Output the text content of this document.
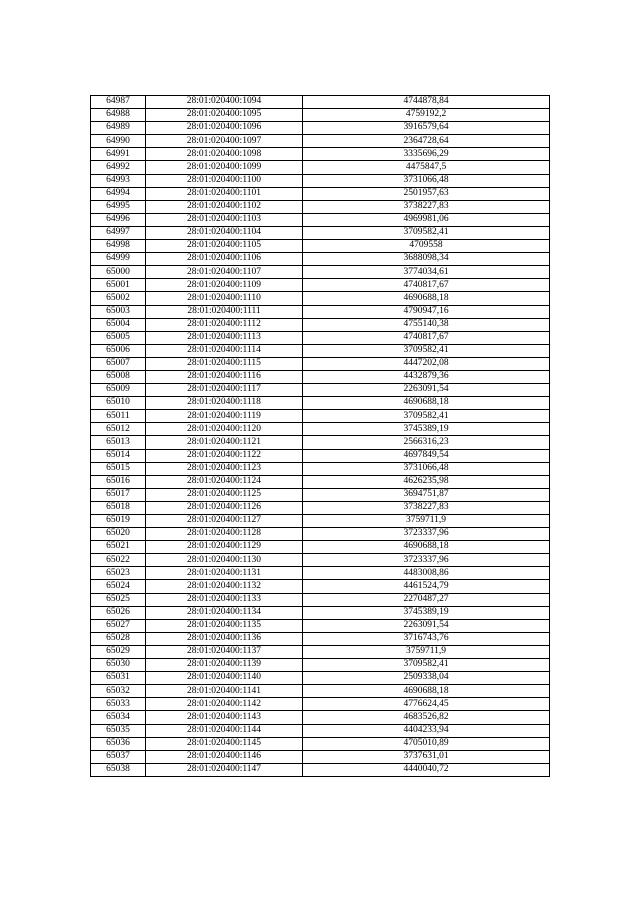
64987	28:01:020400:1094	4744878,84
64988	28:01:020400:1095	4759192,2
64989	28:01:020400:1096	3916579,64
64990	28:01:020400:1097	2364728,64
64991	28:01:020400:1098	3335696,29
64992	28:01:020400:1099	4475847,5
64993	28:01:020400:1100	3731066,48
64994	28:01:020400:1101	2501957,63
64995	28:01:020400:1102	3738227,83
64996	28:01:020400:1103	4969981,06
64997	28:01:020400:1104	3709582,41
64998	28:01:020400:1105	4709558
64999	28:01:020400:1106	3688098,34
65000	28:01:020400:1107	3774034,61
65001	28:01:020400:1109	4740817,67
65002	28:01:020400:1110	4690688,18
65003	28:01:020400:1111	4790947,16
65004	28:01:020400:1112	4755140,38
65005	28:01:020400:1113	4740817,67
65006	28:01:020400:1114	3709582,41
65007	28:01:020400:1115	4447202,08
65008	28:01:020400:1116	4432879,36
65009	28:01:020400:1117	2263091,54
65010	28:01:020400:1118	4690688,18
65011	28:01:020400:1119	3709582,41
65012	28:01:020400:1120	3745389,19
65013	28:01:020400:1121	2566316,23
65014	28:01:020400:1122	4697849,54
65015	28:01:020400:1123	3731066,48
65016	28:01:020400:1124	4626235,98
65017	28:01:020400:1125	3694751,87
65018	28:01:020400:1126	3738227,83
65019	28:01:020400:1127	3759711,9
65020	28:01:020400:1128	3723337,96
65021	28:01:020400:1129	4690688,18
65022	28:01:020400:1130	3723337,96
65023	28:01:020400:1131	4483008,86
65024	28:01:020400:1132	4461524,79
65025	28:01:020400:1133	2270487,27
65026	28:01:020400:1134	3745389,19
65027	28:01:020400:1135	2263091,54
65028	28:01:020400:1136	3716743,76
65029	28:01:020400:1137	3759711,9
65030	28:01:020400:1139	3709582,41
65031	28:01:020400:1140	2509338,04
65032	28:01:020400:1141	4690688,18
65033	28:01:020400:1142	4776624,45
65034	28:01:020400:1143	4683526,82
65035	28:01:020400:1144	4404233,94
65036	28:01:020400:1145	4705010,89
65037	28:01:020400:1146	3737631,01
65038	28:01:020400:1147	4440040,72
